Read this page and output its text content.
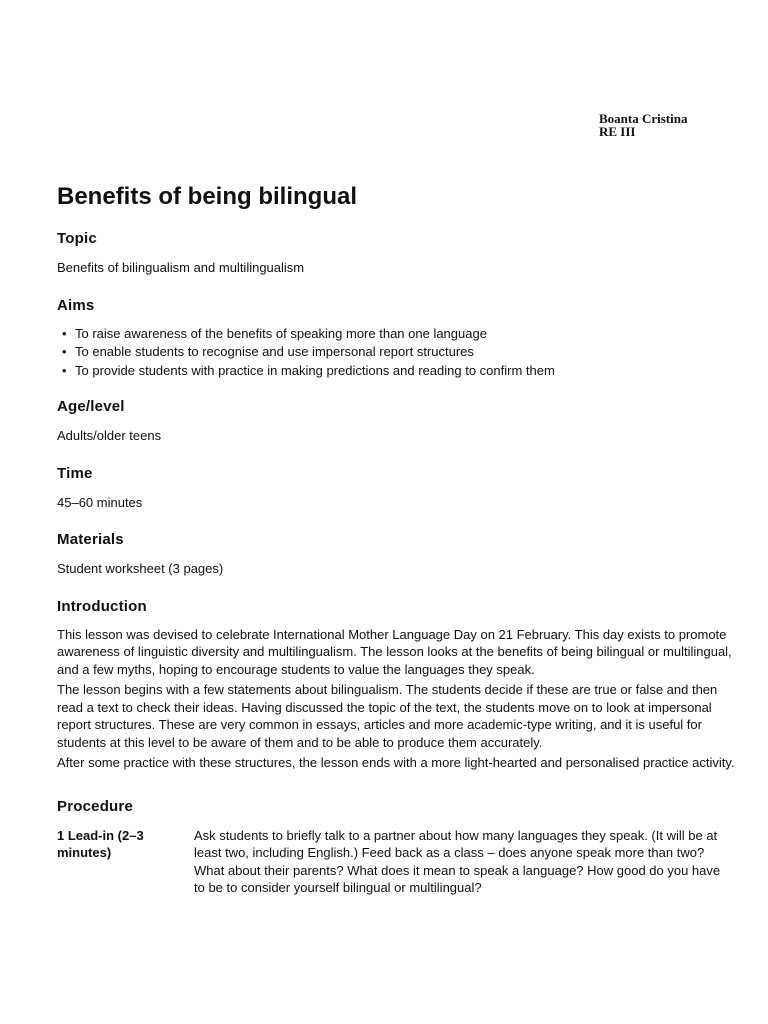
Boanta Cristina
RE III
Benefits of being bilingual
Topic

Benefits of bilingualism and multilingualism

Aims
• To raise awareness of the benefits of speaking more than one language
• To enable students to recognise and use impersonal report structures
• To provide students with practice in making predictions and reading to confirm them
Age/level

Adults/older teens

Time

45–60 minutes

Materials

Student worksheet (3 pages)

Introduction

This lesson was devised to celebrate International Mother Language Day on 21 February. This day exists to promote awareness of linguistic diversity and multilingualism. The lesson looks at the benefits of being bilingual or multilingual, and a few myths, hoping to encourage students to value the languages they speak.

The lesson begins with a few statements about bilingualism. The students decide if these are true or false and then read a text to check their ideas. Having discussed the topic of the text, the students move on to look at impersonal report structures. These are very common in essays, articles and more academic-type writing, and it is useful for students at this level to be aware of them and to be able to produce them accurately.

After some practice with these structures, the lesson ends with a more light-hearted and personalised practice activity.

Procedure
1 Lead-in (2–3 minutes)
Ask students to briefly talk to a partner about how many languages they speak. (It will be at least two, including English.) Feed back as a class – does anyone speak more than two? What about their parents? What does it mean to speak a language? How good do you have to be to consider yourself bilingual or multilingual?
